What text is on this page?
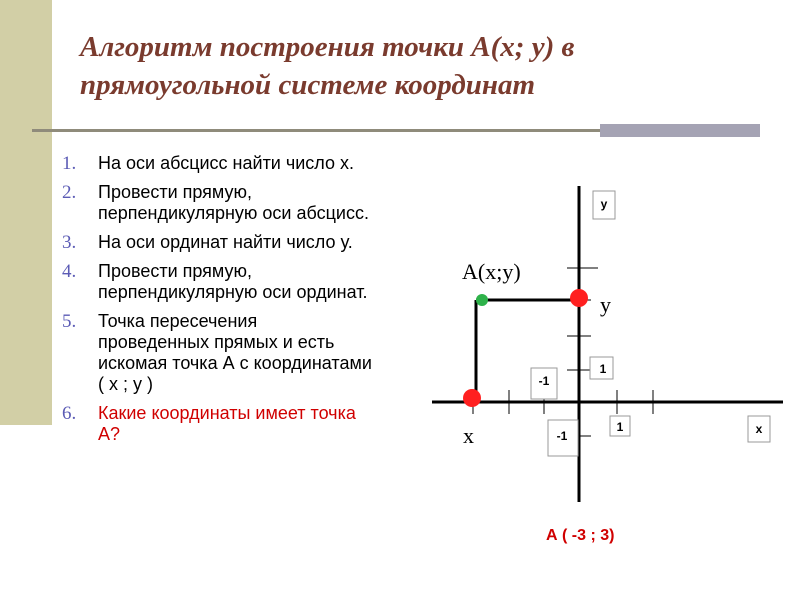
Алгоритм построения точки А(х; у) в прямоугольной системе координат
1.	На оси абсцисс найти число х.
2.	Провести прямую, перпендикулярную оси абсцисс.
3.	На оси ординат найти число у.
4.	Провести прямую, перпендикулярную оси ординат.
5.	Точка пересечения проведенных прямых и есть искомая точка А с координатами      ( х ; у )
6.	Какие координаты имеет точка А?
у
х
-1
-1
1
1
А(х;у)
у
х
А ( -3 ; 3)
